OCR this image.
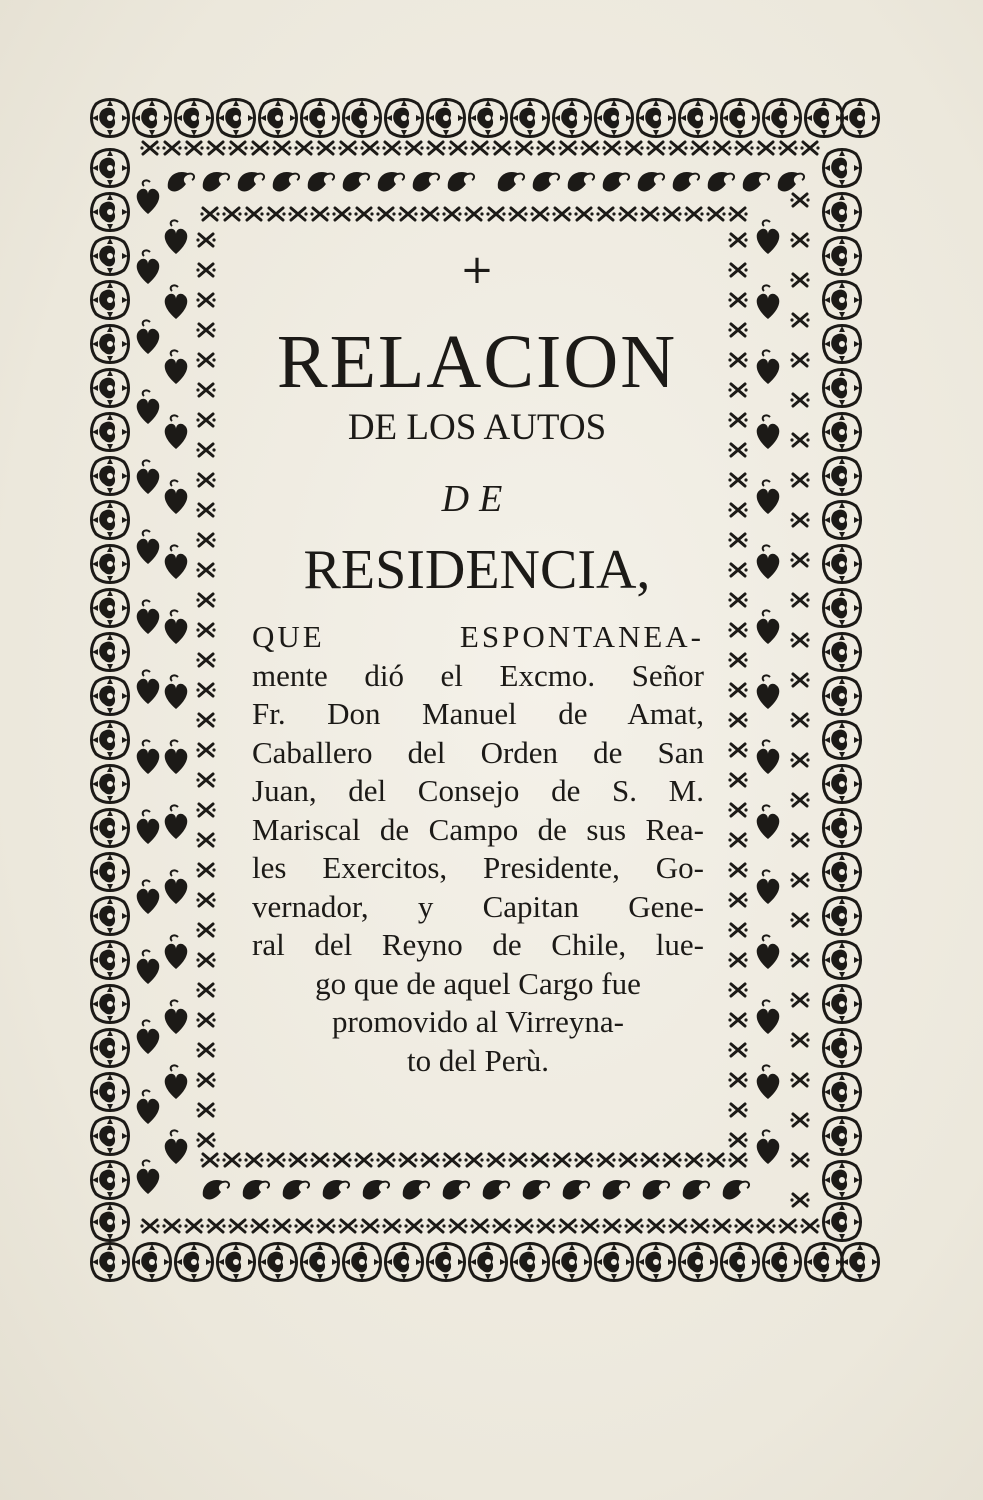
+
RELACION
DE LOS AUTOS
DE
RESIDENCIA,
QUE ESPONTANEA-
mente dió el Excmo. Señor
Fr. Don Manuel de Amat,
Caballero del Orden de San
Juan, del Consejo de S. M.
Mariscal de Campo de sus Rea-
les Exercitos, Presidente, Go-
vernador, y Capitan Gene-
ral del Reyno de Chile, lue-
go que de aquel Cargo fue
promovido al Virreyna-
to del Perù.
